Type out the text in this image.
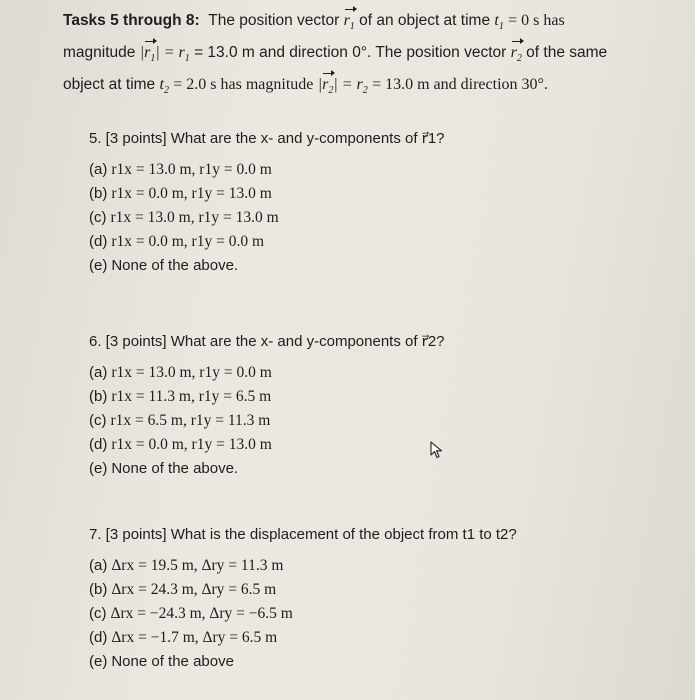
Tasks 5 through 8: The position vector $r_1$ of an object at time $t_1 = 0$ s has
magnitude $|r_1| = r_1 = 13.0$ m and direction 0°. The position vector $r_2$ of the same
object at time $t_2 = 2.0$ s has magnitude $|r_2| = r_2 = 13.0$ m and direction 30°.
5. [3 points] What are the x- and y-components of r⃗1?
(a) r1x = 13.0 m, r1y = 0.0 m
(b) r1x = 0.0 m, r1y = 13.0 m
(c) r1x = 13.0 m, r1y = 13.0 m
(d) r1x = 0.0 m, r1y = 0.0 m
(e) None of the above.
6. [3 points] What are the x- and y-components of r⃗2?
(a) r1x = 13.0 m, r1y = 0.0 m
(b) r1x = 11.3 m, r1y = 6.5 m
(c) r1x = 6.5 m, r1y = 11.3 m
(d) r1x = 0.0 m, r1y = 13.0 m
(e) None of the above.
7. [3 points] What is the displacement of the object from t1 to t2?
(a) Δrx = 19.5 m, Δry = 11.3 m
(b) Δrx = 24.3 m, Δry = 6.5 m
(c) Δrx = −24.3 m, Δry = −6.5 m
(d) Δrx = −1.7 m, Δry = 6.5 m
(e) None of the above
